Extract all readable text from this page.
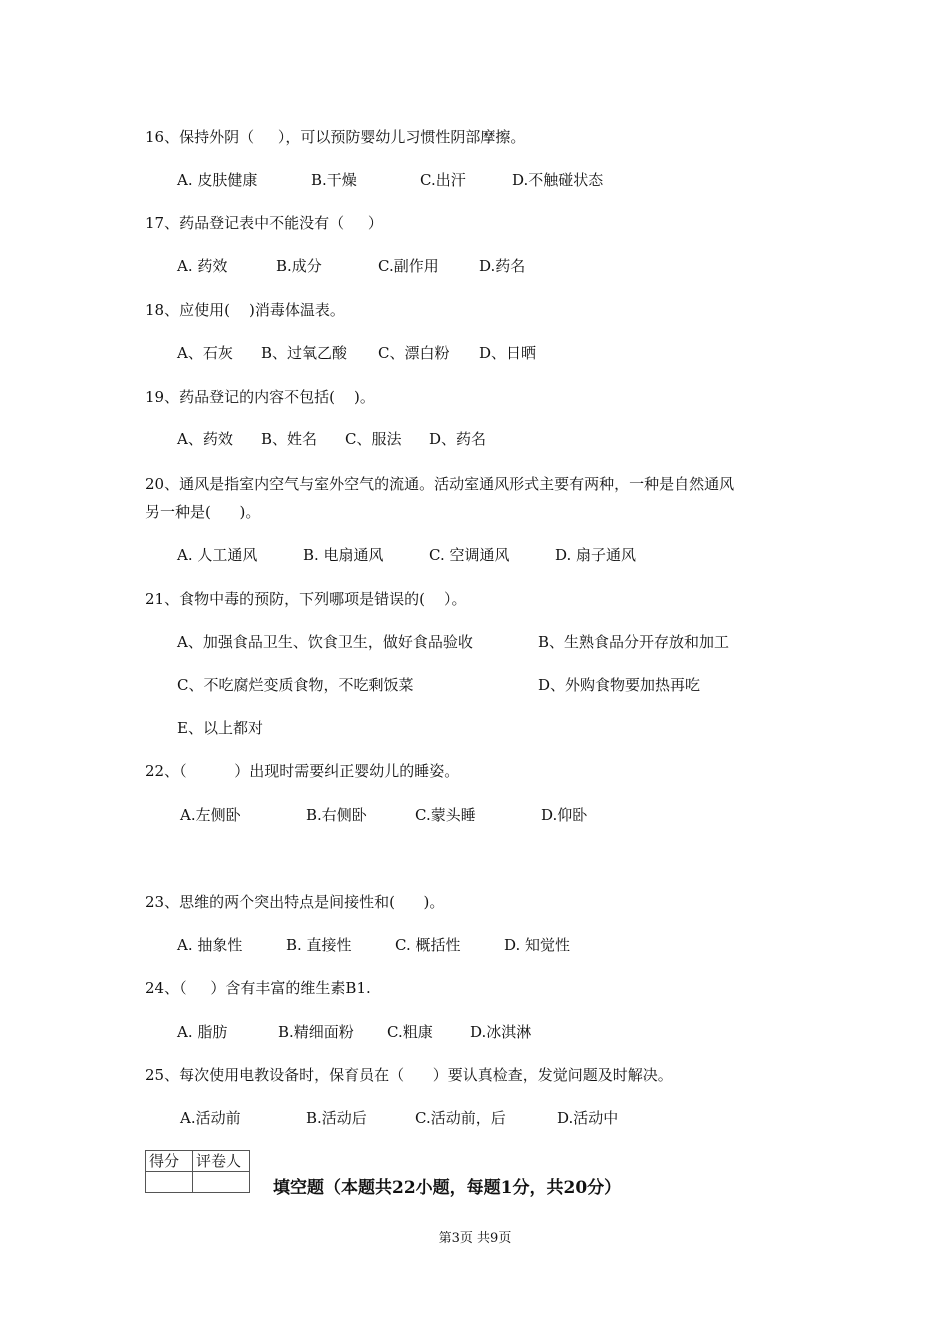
16、保持外阴（     ），可以预防婴幼儿习惯性阴部摩擦。
A. 皮肤健康	B.干燥	C.出汗	D.不触碰状态
17、药品登记表中不能没有（     ）
A. 药效	B.成分	C.副作用	D.药名
18、应使用(    )消毒体温表。
A、石灰 B、过氧乙酸 C、漂白粉 D、日晒
19、药品登记的内容不包括(    )。
A、药效 B、姓名 C、服法 D、药名
20、通风是指室内空气与室外空气的流通。活动室通风形式主要有两种，一种是自然通风
另一种是(      )。
A. 人工通风	B. 电扇通风	C. 空调通风	D. 扇子通风
21、食物中毒的预防，下列哪项是错误的(    ）。
A、加强食品卫生、饮食卫生，做好食品验收	B、生熟食品分开存放和加工
C、不吃腐烂变质食物，不吃剩饭菜	D、外购食物要加热再吃
E、以上都对
22、（          ）出现时需要纠正婴幼儿的睡姿。
A.左侧卧	B.右侧卧	C.蒙头睡	D.仰卧
23、思维的两个突出特点是间接性和(      )。
A. 抽象性	B. 直接性	C. 概括性	D. 知觉性
24、（     ）含有丰富的维生素B1.
A. 脂肪	B.精细面粉 C.粗康 D.冰淇淋
25、每次使用电教设备时，保育员在（      ）要认真检查，发觉问题及时解决。
A.活动前	B.活动后	C.活动前，后	D.活动中
得分	评卷人

填空题（本题共22小题，每题1分，共20分）
第3页 共9页
